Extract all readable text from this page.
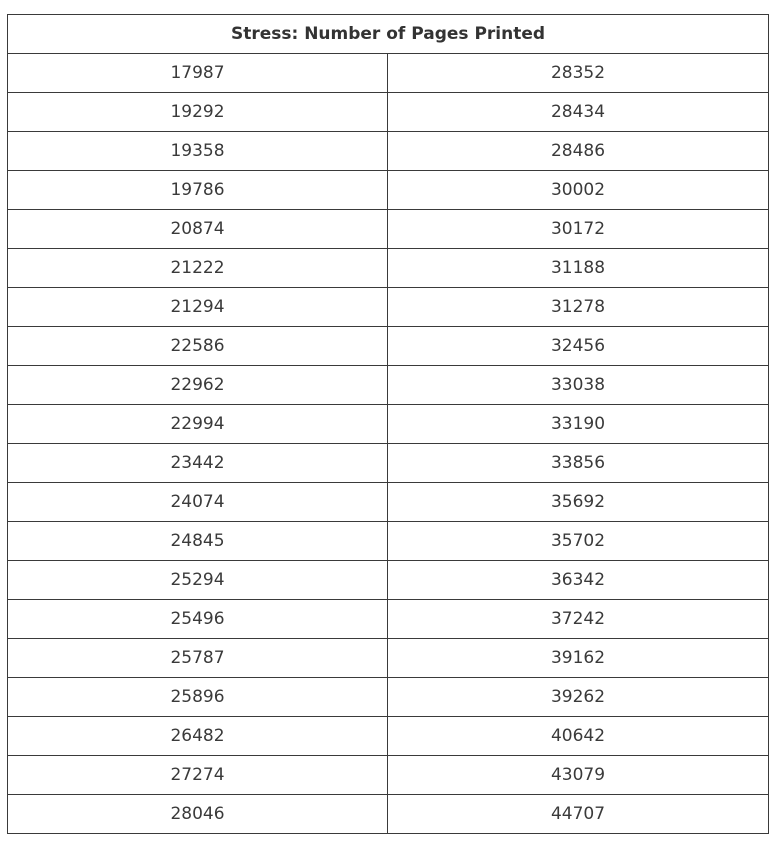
Stress: Number of Pages Printed	
17987	28352
19292	28434
19358	28486
19786	30002
20874	30172
21222	31188
21294	31278
22586	32456
22962	33038
22994	33190
23442	33856
24074	35692
24845	35702
25294	36342
25496	37242
25787	39162
25896	39262
26482	40642
27274	43079
28046	44707
